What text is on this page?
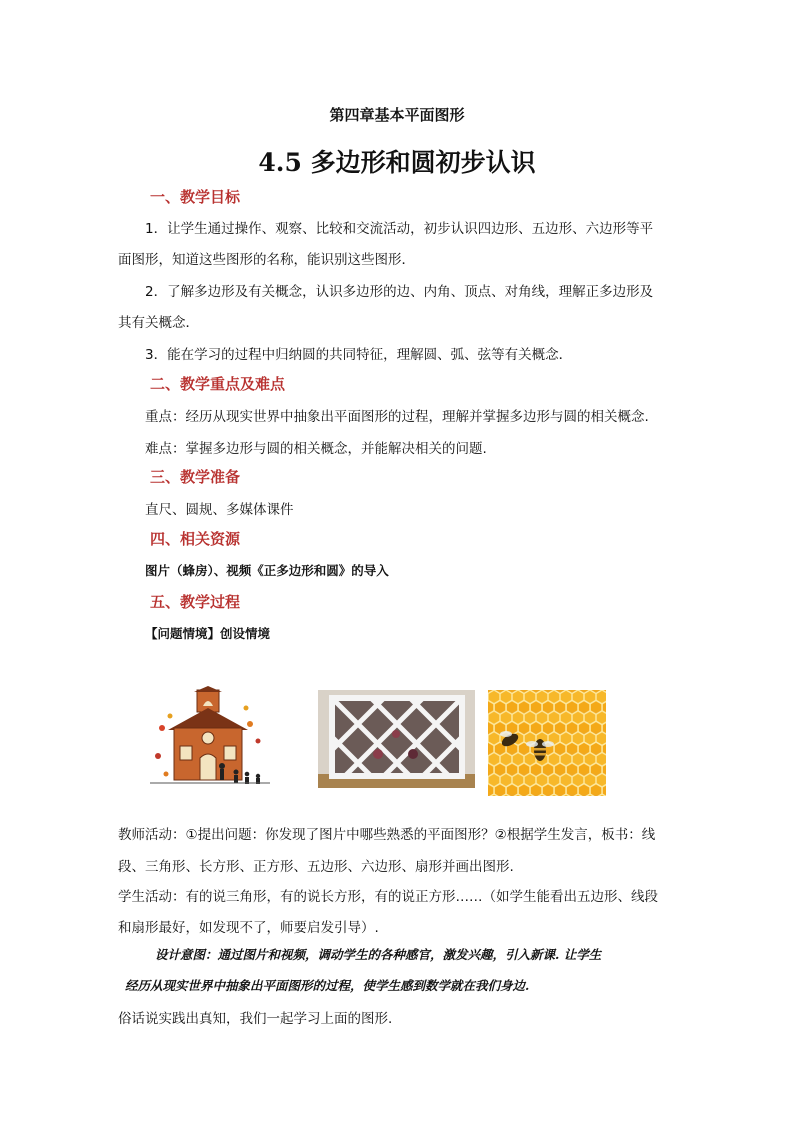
第四章基本平面图形
4.5 多边形和圆初步认识
一、教学目标
1．让学生通过操作、观察、比较和交流活动，初步认识四边形、五边形、六边形等平
面图形，知道这些图形的名称，能识别这些图形．
2．了解多边形及有关概念，认识多边形的边、内角、顶点、对角线，理解正多边形及
其有关概念．
3．能在学习的过程中归纳圆的共同特征，理解圆、弧、弦等有关概念．
二、教学重点及难点
重点：经历从现实世界中抽象出平面图形的过程，理解并掌握多边形与圆的相关概念.
难点：掌握多边形与圆的相关概念，并能解决相关的问题.
三、教学准备
直尺、圆规、多媒体课件
四、相关资源
图片（蜂房）、视频《正多边形和圆》的导入
五、教学过程
【问题情境】创设情境
教师活动：①提出问题：你发现了图片中哪些熟悉的平面图形？②根据学生发言，板书：线
段、三角形、长方形、正方形、五边形、六边形、扇形并画出图形.
学生活动：有的说三角形，有的说长方形，有的说正方形……（如学生能看出五边形、线段
和扇形最好，如发现不了，师要启发引导）.
设计意图：通过图片和视频，调动学生的各种感官，激发兴趣，引入新课. 让学生
经历从现实世界中抽象出平面图形的过程，使学生感到数学就在我们身边.
俗话说实践出真知，我们一起学习上面的图形.
